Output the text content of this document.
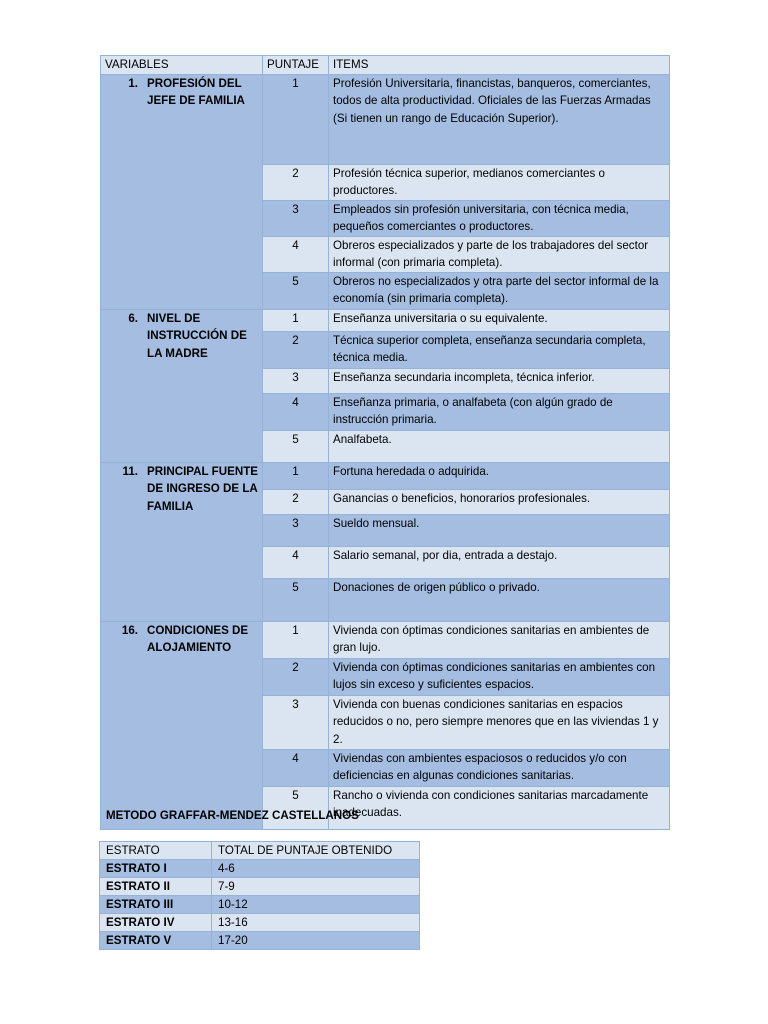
VARIABLES	PUNTAJE	ITEMS

1. PROFESIÓN DEL JEFE DE FAMILIA	1	Profesión Universitaria, financistas, banqueros, comerciantes, todos de alta productividad. Oficiales de las Fuerzas Armadas (Si tienen un rango de Educación Superior).
	2	Profesión técnica superior, medianos comerciantes o productores.
	3	Empleados sin profesión universitaria, con técnica media, pequeños comerciantes o productores.
	4	Obreros especializados y parte de los trabajadores del sector informal (con primaria completa).
	5	Obreros no especializados y otra parte del sector informal de la economía (sin primaria completa).

6. NIVEL DE INSTRUCCIÓN DE LA MADRE	1	Enseñanza universitaria o su equivalente.
	2	Técnica superior completa, enseñanza secundaria completa, técnica media.
	3	Enseñanza secundaria incompleta, técnica inferior.
	4	Enseñanza primaria, o analfabeta (con algún grado de instrucción primaria.
	5	Analfabeta.

11. PRINCIPAL FUENTE DE INGRESO DE LA FAMILIA	1	Fortuna heredada o adquirida.
	2	Ganancias o beneficios, honorarios profesionales.
	3	Sueldo mensual.
	4	Salario semanal, por dia, entrada a destajo.
	5	Donaciones de origen público o privado.

16. CONDICIONES DE ALOJAMIENTO	1	Vivienda con óptimas condiciones sanitarias en ambientes de gran lujo.
	2	Vivienda con óptimas condiciones sanitarias en ambientes con lujos sin exceso y suficientes espacios.
	3	Vivienda con buenas condiciones sanitarias en espacios reducidos o no, pero siempre menores que en las viviendas 1 y 2.
	4	Viviendas con ambientes espaciosos o reducidos y/o con deficiencias en algunas condiciones sanitarias.
	5	Rancho o vivienda con condiciones sanitarias marcadamente inadecuadas.
METODO GRAFFAR-MENDEZ CASTELLANOS
ESTRATO	TOTAL DE PUNTAJE OBTENIDO
ESTRATO I	4-6
ESTRATO II	7-9
ESTRATO III	10-12
ESTRATO IV	13-16
ESTRATO V	17-20
